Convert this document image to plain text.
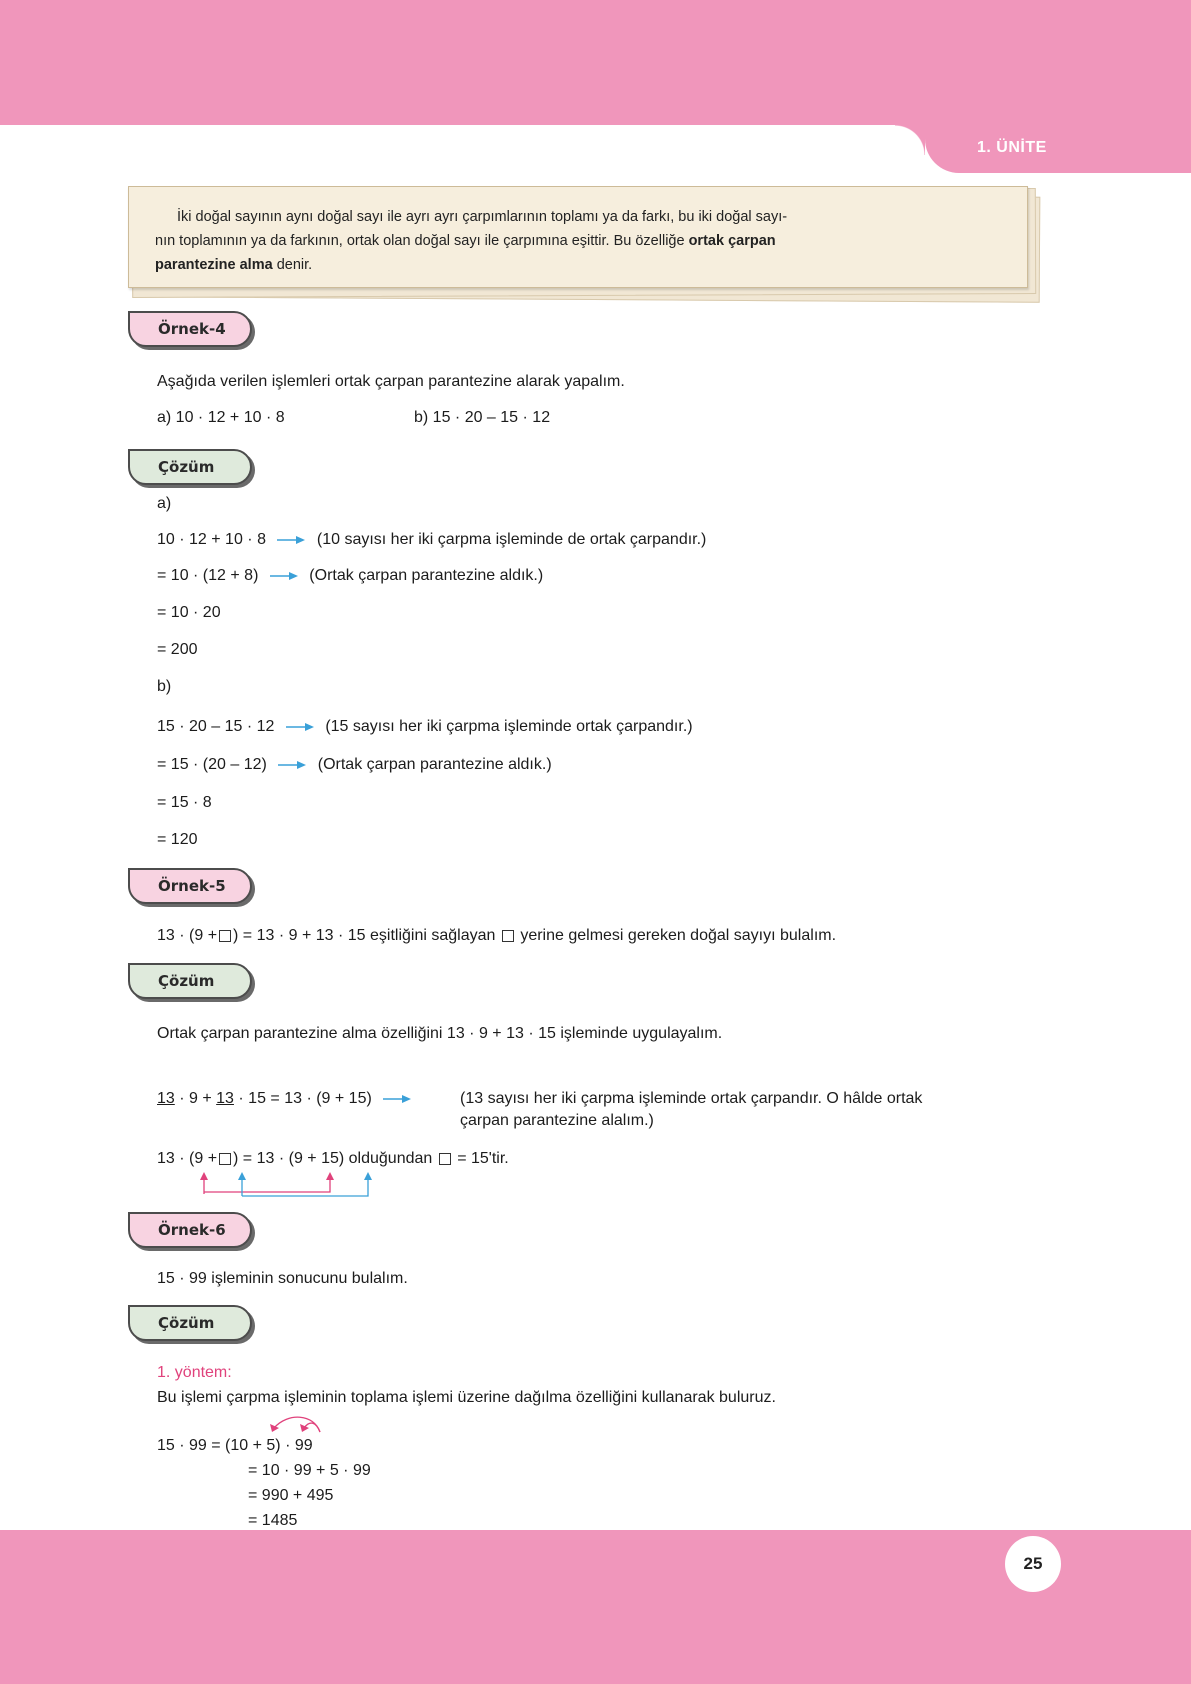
1. ÜNİTE
İki doğal sayının aynı doğal sayı ile ayrı ayrı çarpımlarının toplamı ya da farkı, bu iki doğal sayı-
nın toplamının ya da farkının, ortak olan doğal sayı ile çarpımına eşittir. Bu özelliğe ortak çarpan
parantezine alma denir.
Örnek-4
Aşağıda verilen işlemleri ortak çarpan parantezine alarak yapalım.
a) 10 · 12 + 10 · 8	b) 15 · 20 – 15 · 12
Çözüm
a)
10 · 12 + 10 · 8	(10 sayısı her iki çarpma işleminde de ortak çarpandır.)
= 10 · (12 + 8)	(Ortak çarpan parantezine aldık.)
= 10 · 20
= 200
b)
15 · 20 – 15 · 12	(15 sayısı her iki çarpma işleminde ortak çarpandır.)
= 15 · (20 – 12)	(Ortak çarpan parantezine aldık.)
= 15 · 8
= 120
Örnek-5
13 · (9 + ) = 13 · 9 + 13 · 15 eşitliğini sağlayan yerine gelmesi gereken doğal sayıyı bulalım.
Çözüm
Ortak çarpan parantezine alma özelliğini 13 · 9 + 13 · 15 işleminde uygulayalım.
13 · 9 + 13 · 15 = 13 · (9 + 15)	(13 sayısı her iki çarpma işleminde ortak çarpandır. O hâlde ortak
çarpan parantezine alalım.)
13 · (9 + ) = 13 · (9 + 15) olduğundan = 15'tir.
Örnek-6
15 · 99 işleminin sonucunu bulalım.
Çözüm
1. yöntem:
Bu işlemi çarpma işleminin toplama işlemi üzerine dağılma özelliğini kullanarak buluruz.
15 · 99 = (10 + 5) · 99
= 10 · 99 + 5 · 99
= 990 + 495
= 1485
25
